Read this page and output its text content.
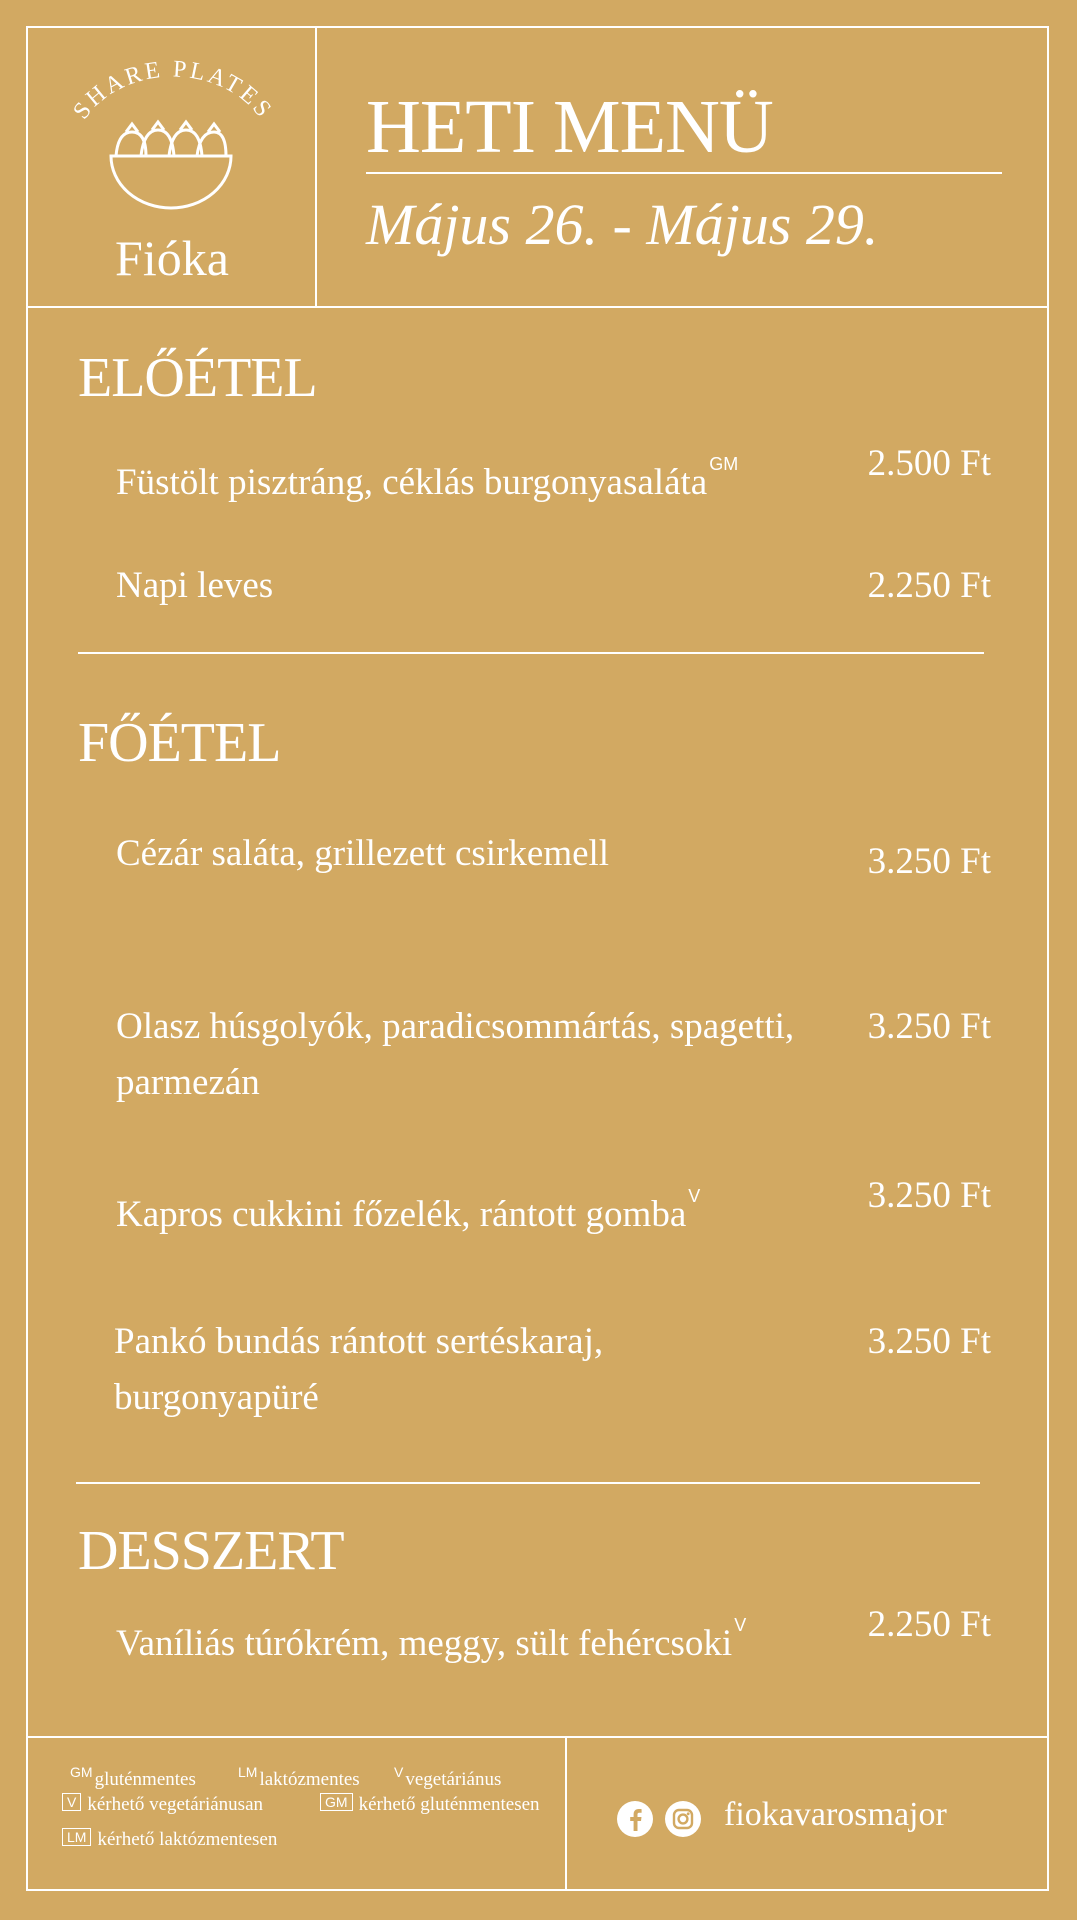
SHARE PLATES
Fióka
HETI MENÜ
Május 26. - Május 29.
ELŐÉTEL
Füstölt pisztráng, céklás burgonyasaláta $^{GM}$	2.500 Ft
Napi leves	2.250 Ft
FŐÉTEL
Cézár saláta, grillezett csirkemell	3.250 Ft
Olasz húsgolyók, paradicsommártás, spagetti, parmezán
3.250 Ft
Kapros cukkini főzelék, rántott gomba $^V$	3.250 Ft
Pankó bundás rántott sertéskaraj, burgonyapüré
3.250 Ft
DESSZERT
Vaníliás túrókrém, meggy, sült fehércsoki $^V$	2.250 Ft
$^{GM}$ gluténmentes	$^{LM}$ laktózmentes $^V$ vegetáriánus
V kérhető vegetáriánusan	GM kérhető gluténmentesen
LM kérhető laktózmentesen
fiokavarosmajor
